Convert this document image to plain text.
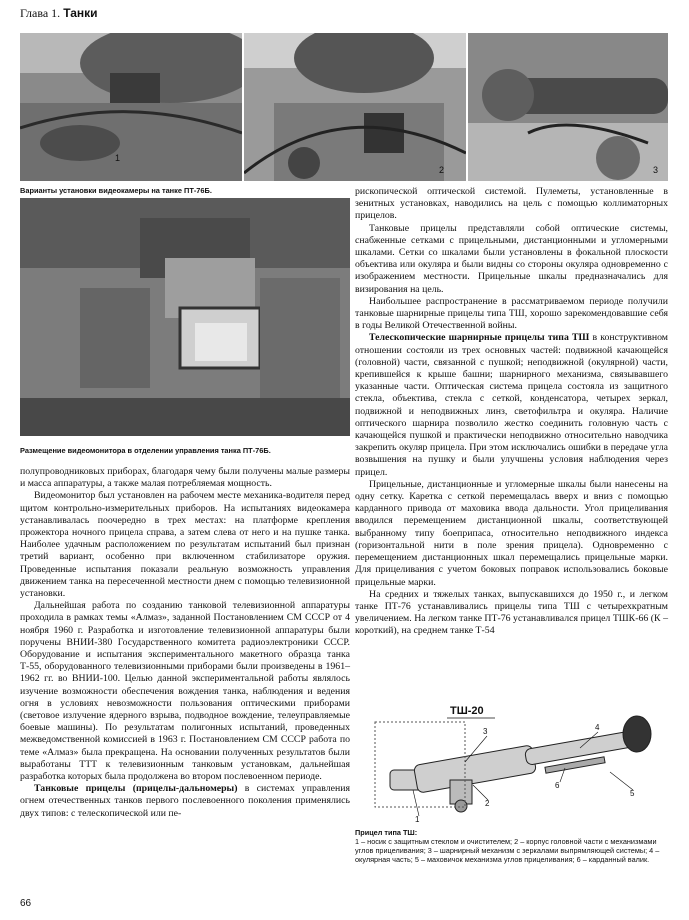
Глава 1. Танки
1
2	3
Варианты установки видеокамеры на танке ПТ-76Б.
Размещение видеомонитора в отделении управления танка ПТ-76Б.

рископической оптической системой. Пулеметы, установленные в зенитных установках, наводились на цель с помощью коллиматорных прицелов.

Танковые прицелы представляли собой оптические системы, снабженные сетками с прицельными, дистанционными и угломерными шкалами. Сетки со шкалами были установлены в фокальной плоскости объектива или окуляра и были видны со стороны окуляра одновременно с изображением местности. Прицельные шкалы предназначались для визирования на цель.

Наибольшее распространение в рассматриваемом периоде получили танковые шарнирные прицелы типа ТШ, хорошо зарекомендовавшие себя в годы Великой Отечественной войны.

Телескопические шарнирные прицелы типа ТШ в конструктивном отношении состояли из трех основных частей: подвижной качающейся (головной) части, связанной с пушкой; неподвижной (окулярной) части, крепившейся к крыше башни; шарнирного механизма, связывавшего указанные части. Оптическая система прицела состояла из защитного стекла, объектива, стекла с сеткой, конденсатора, четырех зеркал, подвижной и неподвижных линз, светофильтра и окуляра. Наличие оптического шарнира позволило жестко соединить головную часть с качающейся пушкой и практически неподвижно относительно наводчика закрепить окуляр прицела. При этом исключались ошибки в передаче угла возвышения на пушку и были улучшены условия наблюдения через прицел.

Прицельные, дистанционные и угломерные шкалы были нанесены на одну сетку. Каретка с сеткой перемещалась вверх и вниз с помощью карданного привода от маховика ввода дальности. Угол прицеливания вводился перемещением дистанционной шкалы, соответствующей выбранному типу боеприпаса, относительно неподвижного индекса (горизонтальной нити в поле зрения прицела). Одновременно с перемещением дистанционных шкал перемещались прицельные марки. Для прицеливания с учетом боковых поправок использовались боковые прицельные марки.

На средних и тяжелых танках, выпускавшихся до 1950 г., и легком танке ПТ-76 устанавливались прицелы типа ТШ с четырехкратным увеличением. На легком танке ПТ-76 устанавливался прицел ТШК-66 (К – короткий), на среднем танке Т-54

полупроводниковых приборах, благодаря чему были получены малые размеры и масса аппаратуры, а также малая потребляемая мощность.

Видеомонитор был установлен на рабочем месте механика-водителя перед щитом контрольно-измерительных приборов. На испытаниях видеокамера устанавливалась поочередно в трех местах: на платформе крепления прожектора ночного прицела справа, а затем слева от него и на пушке танка. Наиболее удачным расположением по результатам испытаний был признан третий вариант, особенно при включенном стабилизаторе оружия. Проведенные испытания показали реальную возможность управления движением танка на пересеченной местности днем с помощью телевизионной установки.

Дальнейшая работа по созданию танковой телевизионной аппаратуры проходила в рамках темы «Алмаз», заданной Постановлением СМ СССР от 4 ноября 1960 г. Разработка и изготовление телевизионной аппаратуры были поручены ВНИИ-380 Государственного комитета радиоэлектроники СССР. Оборудование и испытания экспериментального макетного образца танка Т-55, оборудованного телевизионными приборами были произведены в 1961–1962 гг. во ВНИИ-100. Целью данной экспериментальной работы являлось изучение возможности обеспечения вождения танка, наблюдения и ведения огня в условиях невозможности пользования оптическими приборами (световое излучение ядерного взрыва, подводное вождение, телеуправляемые боевые машины). По результатам полигонных испытаний, проведенных межведомственной комиссией в 1963 г. Постановлением СМ СССР работа по теме «Алмаз» была прекращена. На основании полученных результатов были выработаны ТТТ к телевизионным танковым установкам, дальнейшая разработка которых была продолжена во втором послевоенном периоде.

Танковые прицелы (прицелы-дальномеры) в системах управления огнем отечественных танков первого послевоенного поколения применялись двух типов: с телескопической или пе-

ТШ-20
3	4
2
6
5
1
Прицел типа ТШ:
1 – носик с защитным стеклом и очистителем; 2 – корпус головной части с механизмами углов прицеливания; 3 – шарнирный механизм с зеркалами выпрямляющей системы; 4 – окулярная часть; 5 – маховичок механизма углов прицеливания; 6 – карданный валик.
66
